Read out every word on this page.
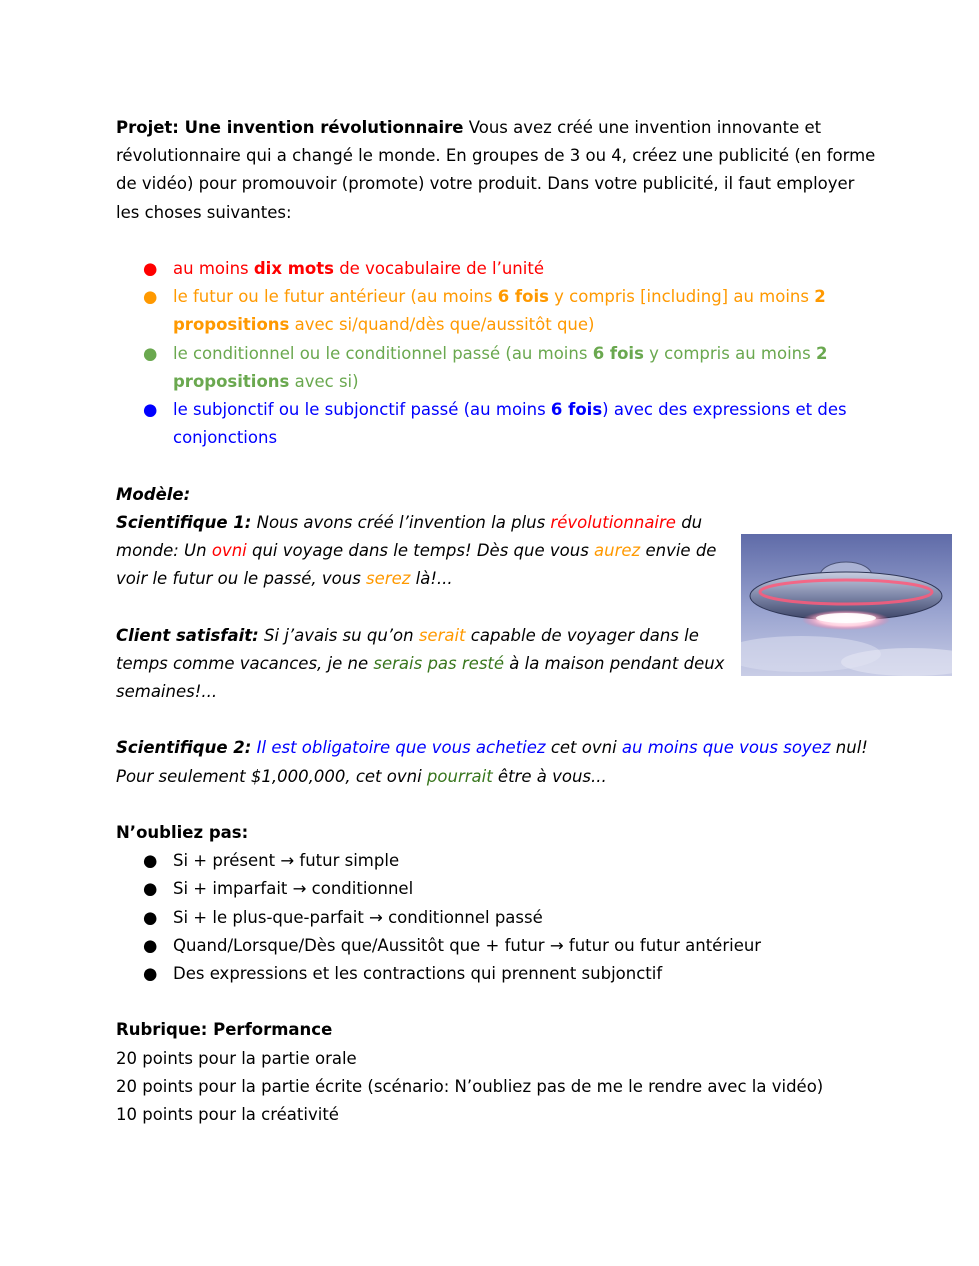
Projet: Une invention révolutionnaire Vous avez créé une invention innovante et révolutionnaire qui a changé le monde. En groupes de 3 ou 4, créez une publicité (en forme de vidéo) pour promouvoir (promote) votre produit. Dans votre publicité, il faut employer les choses suivantes:

● au moins dix mots de vocabulaire de l’unité
● le futur ou le futur antérieur (au moins 6 fois y compris [including] au moins 2 propositions avec si/quand/dès que/aussitôt que)
● le conditionnel ou le conditionnel passé (au moins 6 fois y compris au moins 2 propositions avec si)
● le subjonctif ou le subjonctif passé (au moins 6 fois) avec des expressions et des conjonctions

Modèle:

Scientifique 1: Nous avons créé l’invention la plus révolutionnaire du monde: Un ovni qui voyage dans le temps! Dès que vous aurez envie de voir le futur ou le passé, vous serez là!...

Client satisfait: Si j’avais su qu’on serait capable de voyager dans le temps comme vacances, je ne serais pas resté à la maison pendant deux semaines!...

Scientifique 2: Il est obligatoire que vous achetiez cet ovni au moins que vous soyez nul! Pour seulement $1,000,000, cet ovni pourrait être à vous...

N’oubliez pas:

● Si + présent → futur simple
● Si + imparfait → conditionnel
● Si + le plus-que-parfait → conditionnel passé
● Quand/Lorsque/Dès que/Aussitôt que + futur → futur ou futur antérieur
● Des expressions et les contractions qui prennent subjonctif

Rubrique: Performance

20 points pour la partie orale

20 points pour la partie écrite (scénario: N’oubliez pas de me le rendre avec la vidéo)

10 points pour la créativité
